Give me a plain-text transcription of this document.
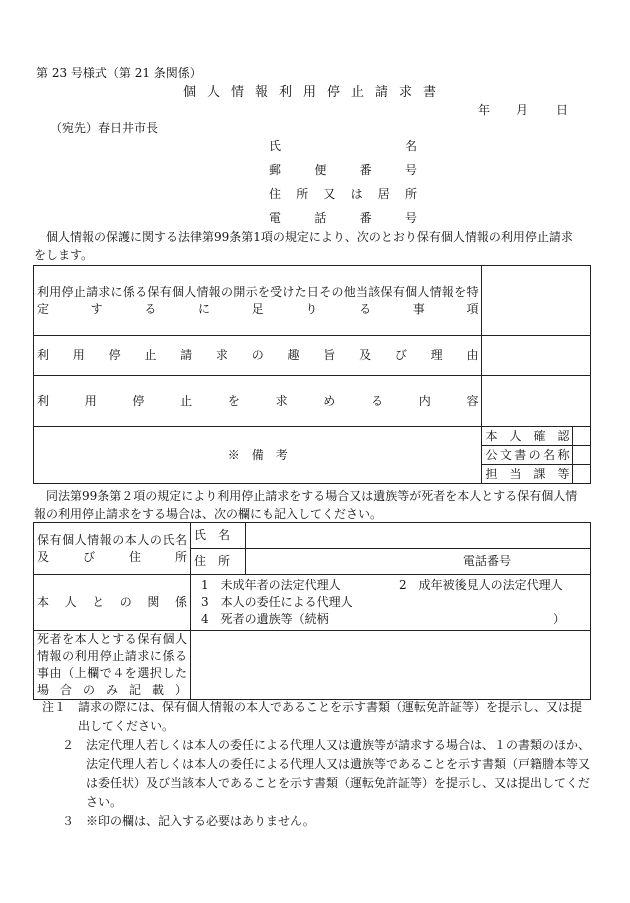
第 23 号様式（第 21 条関係）
個人情報利用停止請求書
年 月 日
（宛先）春日井市長
氏	名
郵	便	番	号
住 所 又 は 居 所
電	話	番	号
個人情報の保護に関する法律第99条第1項の規定により、次のとおり保有個人情報の利用停止請求をします。
利用停止請求に係る保有個人情報の開示を受けた日その他当該保有個人情報を特定するに足りる事項		

利用停止請求の趣旨及び理由		

利用停止を求める内容		

※　備　考	本人確認	

	公文書の名称	

	担当課等	

同法第99条第２項の規定により利用停止請求をする場合又は遺族等が死者を本人とする保有個人情報の利用停止請求をする場合は、次の欄にも記入してください。
保有個人情報の本人の氏名及び住所	氏　名	
	住　所	電話番号

本人との関係	1　未成年者の法定代理人 2　成年被後見人の法定代理人
3　本人の委任による代理人
4　死者の遺族等（続柄 ）	

死者を本人とする保有個人情報の利用停止請求に係る事由（上欄で４を選択した場合のみ記載）		

注１ 請求の際には、保有個人情報の本人であることを示す書類（運転免許証等）を提示し、又は提出してください。
２ 法定代理人若しくは本人の委任による代理人又は遺族等が請求する場合は、１の書類のほか、法定代理人若しくは本人の委任による代理人又は遺族等であることを示す書類（戸籍謄本等又は委任状）及び当該本人であることを示す書類（運転免許証等）を提示し、又は提出してください。
３ ※印の欄は、記入する必要はありません。
